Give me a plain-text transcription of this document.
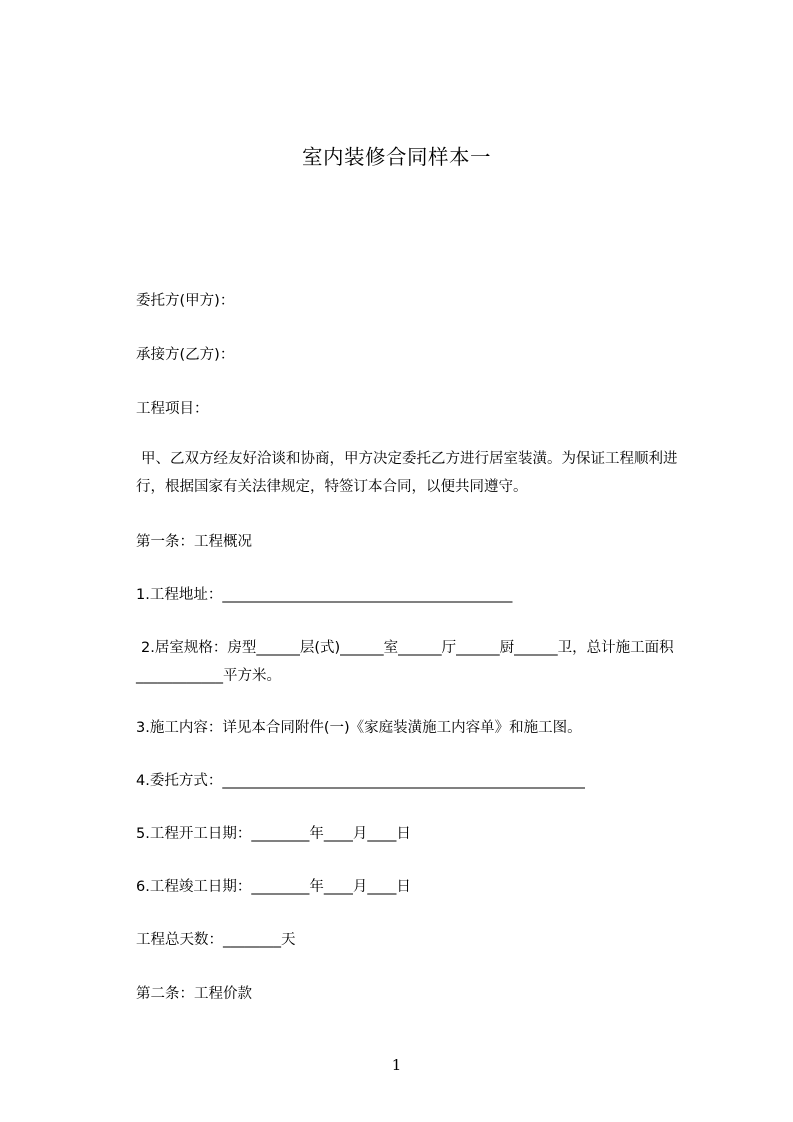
室内装修合同样本一
委托方(甲方)：
承接方(乙方)：
工程项目：
甲、乙双方经友好洽谈和协商，甲方决定委托乙方进行居室装潢。为保证工程顺利进行，根据国家有关法律规定，特签订本合同，以便共同遵守。
第一条：工程概况
1.工程地址：________________________________________
2.居室规格：房型______层(式)______室______厅______厨______卫，总计施工面积____________平方米。
3.施工内容：详见本合同附件(一)《家庭装潢施工内容单》和施工图。
4.委托方式：__________________________________________________
5.工程开工日期：________年____月____日
6.工程竣工日期：________年____月____日
工程总天数：________天
第二条：工程价款
1
